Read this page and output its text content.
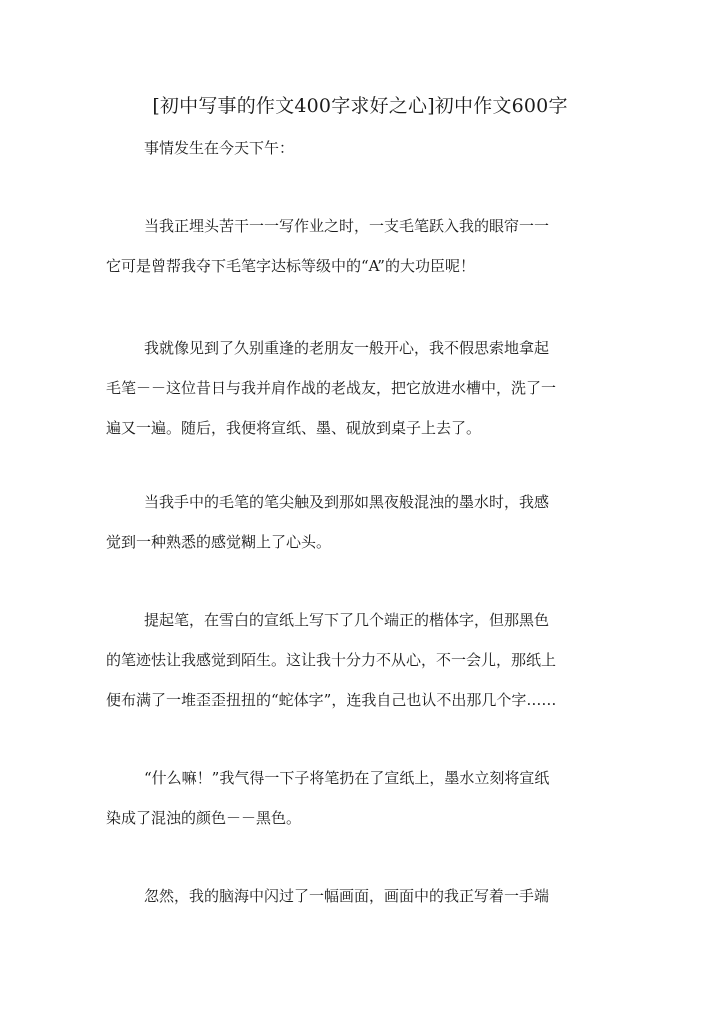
[初中写事的作文400字求好之心]初中作文600字
事情发生在今天下午：
当我正埋头苦干一一写作业之时，一支毛笔跃入我的眼帘一一
它可是曾帮我夺下毛笔字达标等级中的“A”的大功臣呢！
我就像见到了久别重逢的老朋友一般开心，我不假思索地拿起
毛笔－－这位昔日与我并肩作战的老战友，把它放进水槽中，洗了一
遍又一遍。随后，我便将宣纸、墨、砚放到桌子上去了。
当我手中的毛笔的笔尖触及到那如黑夜般混浊的墨水时，我感
觉到一种熟悉的感觉糊上了心头。
提起笔，在雪白的宣纸上写下了几个端正的楷体字，但那黑色
的笔迹怯让我感觉到陌生。这让我十分力不从心，不一会儿，那纸上
便布满了一堆歪歪扭扭的“蛇体字”，连我自己也认不出那几个字……
“什么嘛！”我气得一下子将笔扔在了宣纸上，墨水立刻将宣纸
染成了混浊的颜色－－黑色。
忽然，我的脑海中闪过了一幅画面，画面中的我正写着一手端
